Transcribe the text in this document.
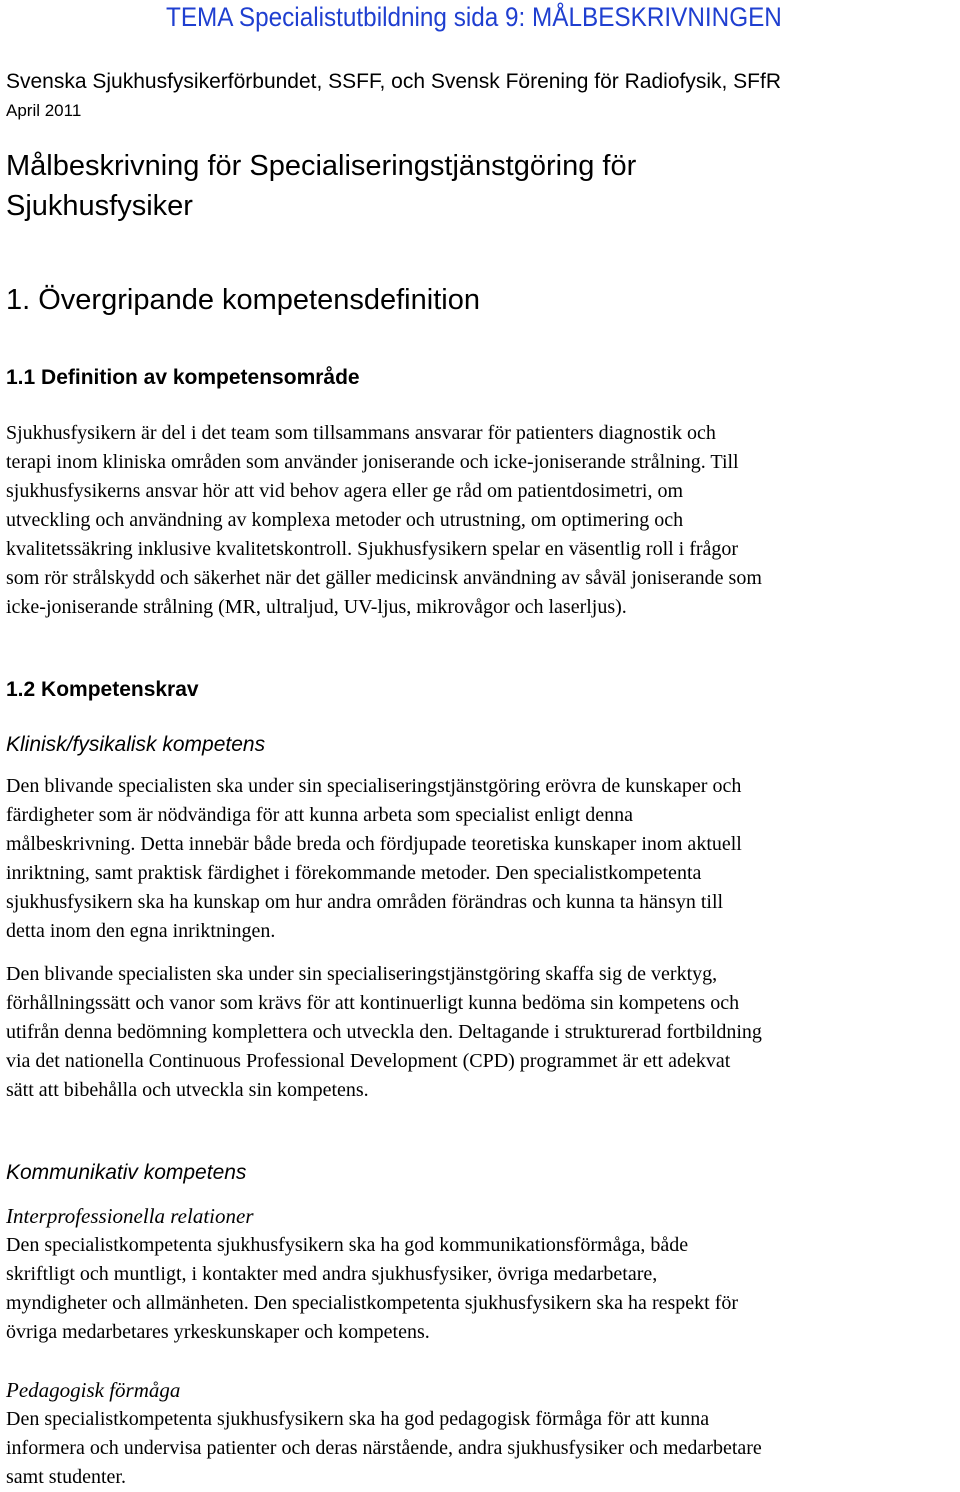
TEMA Specialistutbildning sida 9: MÅLBESKRIVNINGEN
Svenska Sjukhusfysikerförbundet, SSFF, och Svensk Förening för Radiofysik, SFfR
April 2011
Målbeskrivning för Specialiseringstjänstgöring för
Sjukhusfysiker
1. Övergripande kompetensdefinition
1.1 Definition av kompetensområde

Sjukhusfysikern är del i det team som tillsammans ansvarar för patienters diagnostik och
terapi inom kliniska områden som använder joniserande och icke-joniserande strålning. Till
sjukhusfysikerns ansvar hör att vid behov agera eller ge råd om patientdosimetri, om
utveckling och användning av komplexa metoder och utrustning, om optimering och
kvalitetssäkring inklusive kvalitetskontroll. Sjukhusfysikern spelar en väsentlig roll i frågor
som rör strålskydd och säkerhet när det gäller medicinsk användning av såväl joniserande som
icke-joniserande strålning (MR, ultraljud, UV-ljus, mikrovågor och laserljus).

1.2 Kompetenskrav
Klinisk/fysikalisk kompetens

Den blivande specialisten ska under sin specialiseringstjänstgöring erövra de kunskaper och
färdigheter som är nödvändiga för att kunna arbeta som specialist enligt denna
målbeskrivning. Detta innebär både breda och fördjupade teoretiska kunskaper inom aktuell
inriktning, samt praktisk färdighet i förekommande metoder. Den specialistkompetenta
sjukhusfysikern ska ha kunskap om hur andra områden förändras och kunna ta hänsyn till
detta inom den egna inriktningen.

Den blivande specialisten ska under sin specialiseringstjänstgöring skaffa sig de verktyg,
förhållningssätt och vanor som krävs för att kontinuerligt kunna bedöma sin kompetens och
utifrån denna bedömning komplettera och utveckla den. Deltagande i strukturerad fortbildning
via det nationella Continuous Professional Development (CPD) programmet är ett adekvat
sätt att bibehålla och utveckla sin kompetens.

Kommunikativ kompetens
Interprofessionella relationer

Den specialistkompetenta sjukhusfysikern ska ha god kommunikationsförmåga, både
skriftligt och muntligt, i kontakter med andra sjukhusfysiker, övriga medarbetare,
myndigheter och allmänheten. Den specialistkompetenta sjukhusfysikern ska ha respekt för
övriga medarbetares yrkeskunskaper och kompetens.

Pedagogisk förmåga

Den specialistkompetenta sjukhusfysikern ska ha god pedagogisk förmåga för att kunna
informera och undervisa patienter och deras närstående, andra sjukhusfysiker och medarbetare
samt studenter.
